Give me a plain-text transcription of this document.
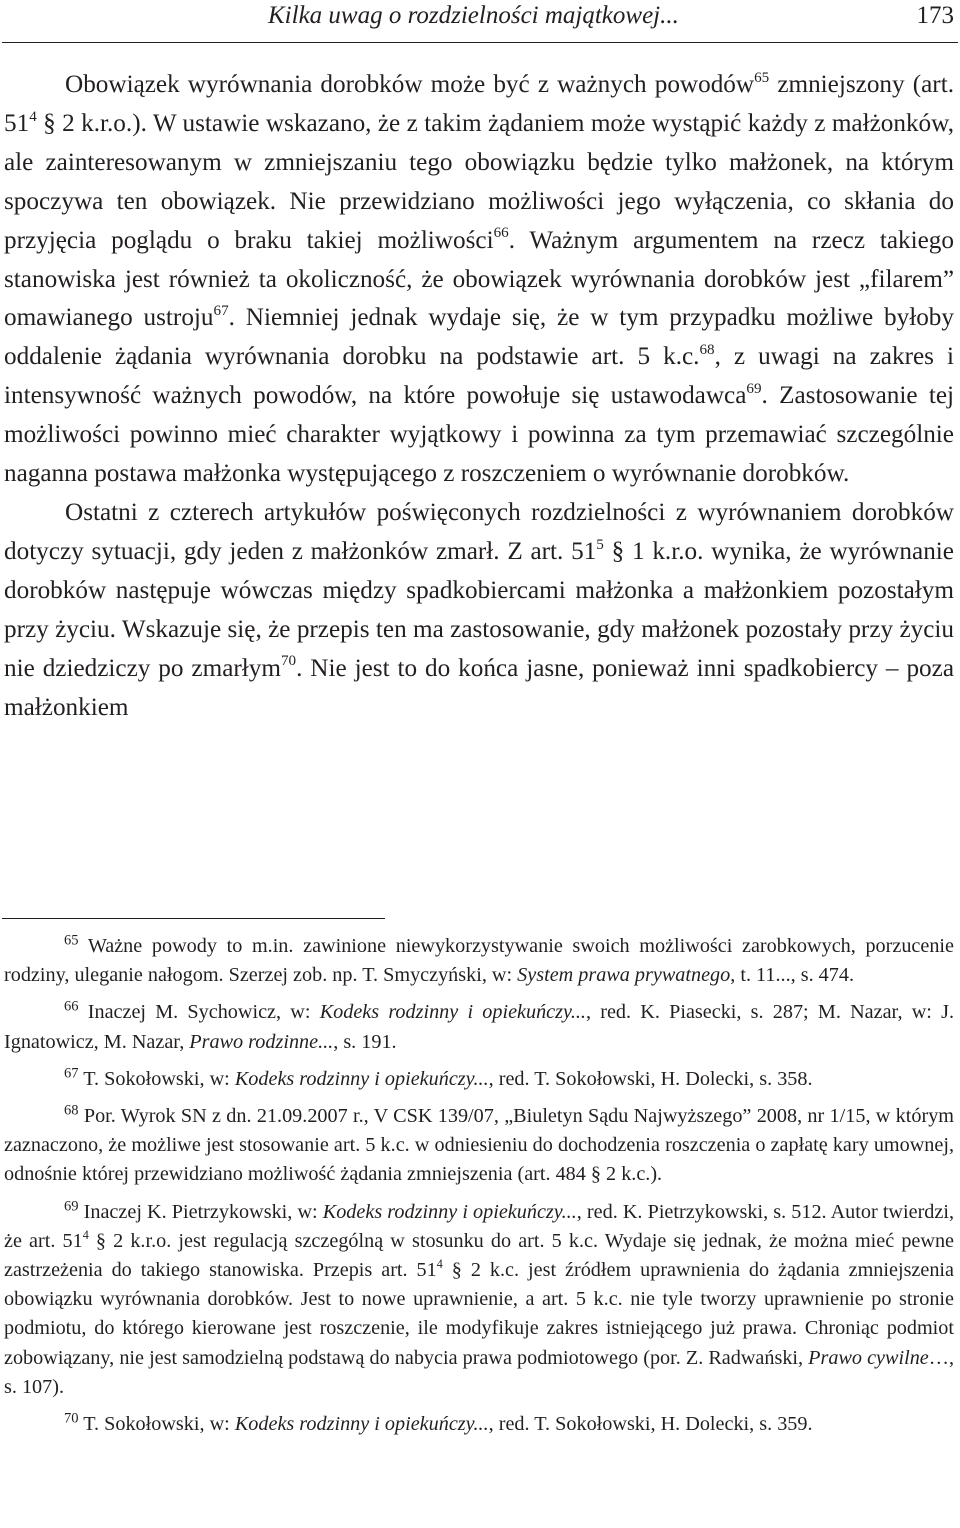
Kilka uwag o rozdzielności majątkowej...	173

Obowiązek wyrównania dorobków może być z ważnych powodów$^{65}$ zmniejszony (art. $51^4$ § 2 k.r.o.). W ustawie wskazano, że z takim żądaniem może wystąpić każdy z małżonków, ale zainteresowanym w zmniejszaniu tego obowiązku będzie tylko małżonek, na którym spoczywa ten obowiązek. Nie przewidziano możliwości jego wyłączenia, co skłania do przyjęcia poglądu o braku takiej możliwości$^{66}$. Ważnym argumentem na rzecz takiego stanowiska jest również ta okoliczność, że obowiązek wyrównania dorobków jest „filarem” omawianego ustroju$^{67}$. Niemniej jednak wydaje się, że w tym przypadku możliwe byłoby oddalenie żądania wyrównania dorobku na podstawie art. 5 k.c.$^{68}$, z uwagi na zakres i intensywność ważnych powodów, na które powołuje się ustawodawca$^{69}$. Zastosowanie tej możliwości powinno mieć charakter wyjątkowy i powinna za tym przemawiać szczególnie naganna postawa małżonka występującego z roszczeniem o wyrównanie dorobków.

Ostatni z czterech artykułów poświęconych rozdzielności z wyrównaniem dorobków dotyczy sytuacji, gdy jeden z małżonków zmarł. Z art. $51^5$ § 1 k.r.o. wynika, że wyrównanie dorobków następuje wówczas między spadkobiercami małżonka a małżonkiem pozostałym przy życiu. Wskazuje się, że przepis ten ma zastosowanie, gdy małżonek pozostały przy życiu nie dziedziczy po zmarłym$^{70}$. Nie jest to do końca jasne, ponieważ inni spadkobiercy – poza małżonkiem

$^{65}$ Ważne powody to m.in. zawinione niewykorzystywanie swoich możliwości zarobkowych, porzucenie rodziny, uleganie nałogom. Szerzej zob. np. T. Smyczyński, w: System prawa prywatnego, t. 11..., s. 474.

$^{66}$ Inaczej M. Sychowicz, w: Kodeks rodzinny i opiekuńczy..., red. K. Piasecki, s. 287; M. Nazar, w: J. Ignatowicz, M. Nazar, Prawo rodzinne..., s. 191.

$^{67}$ T. Sokołowski, w: Kodeks rodzinny i opiekuńczy..., red. T. Sokołowski, H. Dolecki, s. 358.

$^{68}$ Por. Wyrok SN z dn. 21.09.2007 r., V CSK 139/07, „Biuletyn Sądu Najwyższego” 2008, nr 1/15, w którym zaznaczono, że możliwe jest stosowanie art. 5 k.c. w odniesieniu do dochodzenia roszczenia o zapłatę kary umownej, odnośnie której przewidziano możliwość żądania zmniejszenia (art. 484 § 2 k.c.).

$^{69}$ Inaczej K. Pietrzykowski, w: Kodeks rodzinny i opiekuńczy..., red. K. Pietrzykowski, s. 512. Autor twierdzi, że art. $51^4$ § 2 k.r.o. jest regulacją szczególną w stosunku do art. 5 k.c. Wydaje się jednak, że można mieć pewne zastrzeżenia do takiego stanowiska. Przepis art. $51^4$ § 2 k.c. jest źródłem uprawnienia do żądania zmniejszenia obowiązku wyrównania dorobków. Jest to nowe uprawnienie, a art. 5 k.c. nie tyle tworzy uprawnienie po stronie podmiotu, do którego kierowane jest roszczenie, ile modyfikuje zakres istniejącego już prawa. Chroniąc podmiot zobowiązany, nie jest samodzielną podstawą do nabycia prawa podmiotowego (por. Z. Radwański, Prawo cywilne…, s. 107).

$^{70}$ T. Sokołowski, w: Kodeks rodzinny i opiekuńczy..., red. T. Sokołowski, H. Dolecki, s. 359.
